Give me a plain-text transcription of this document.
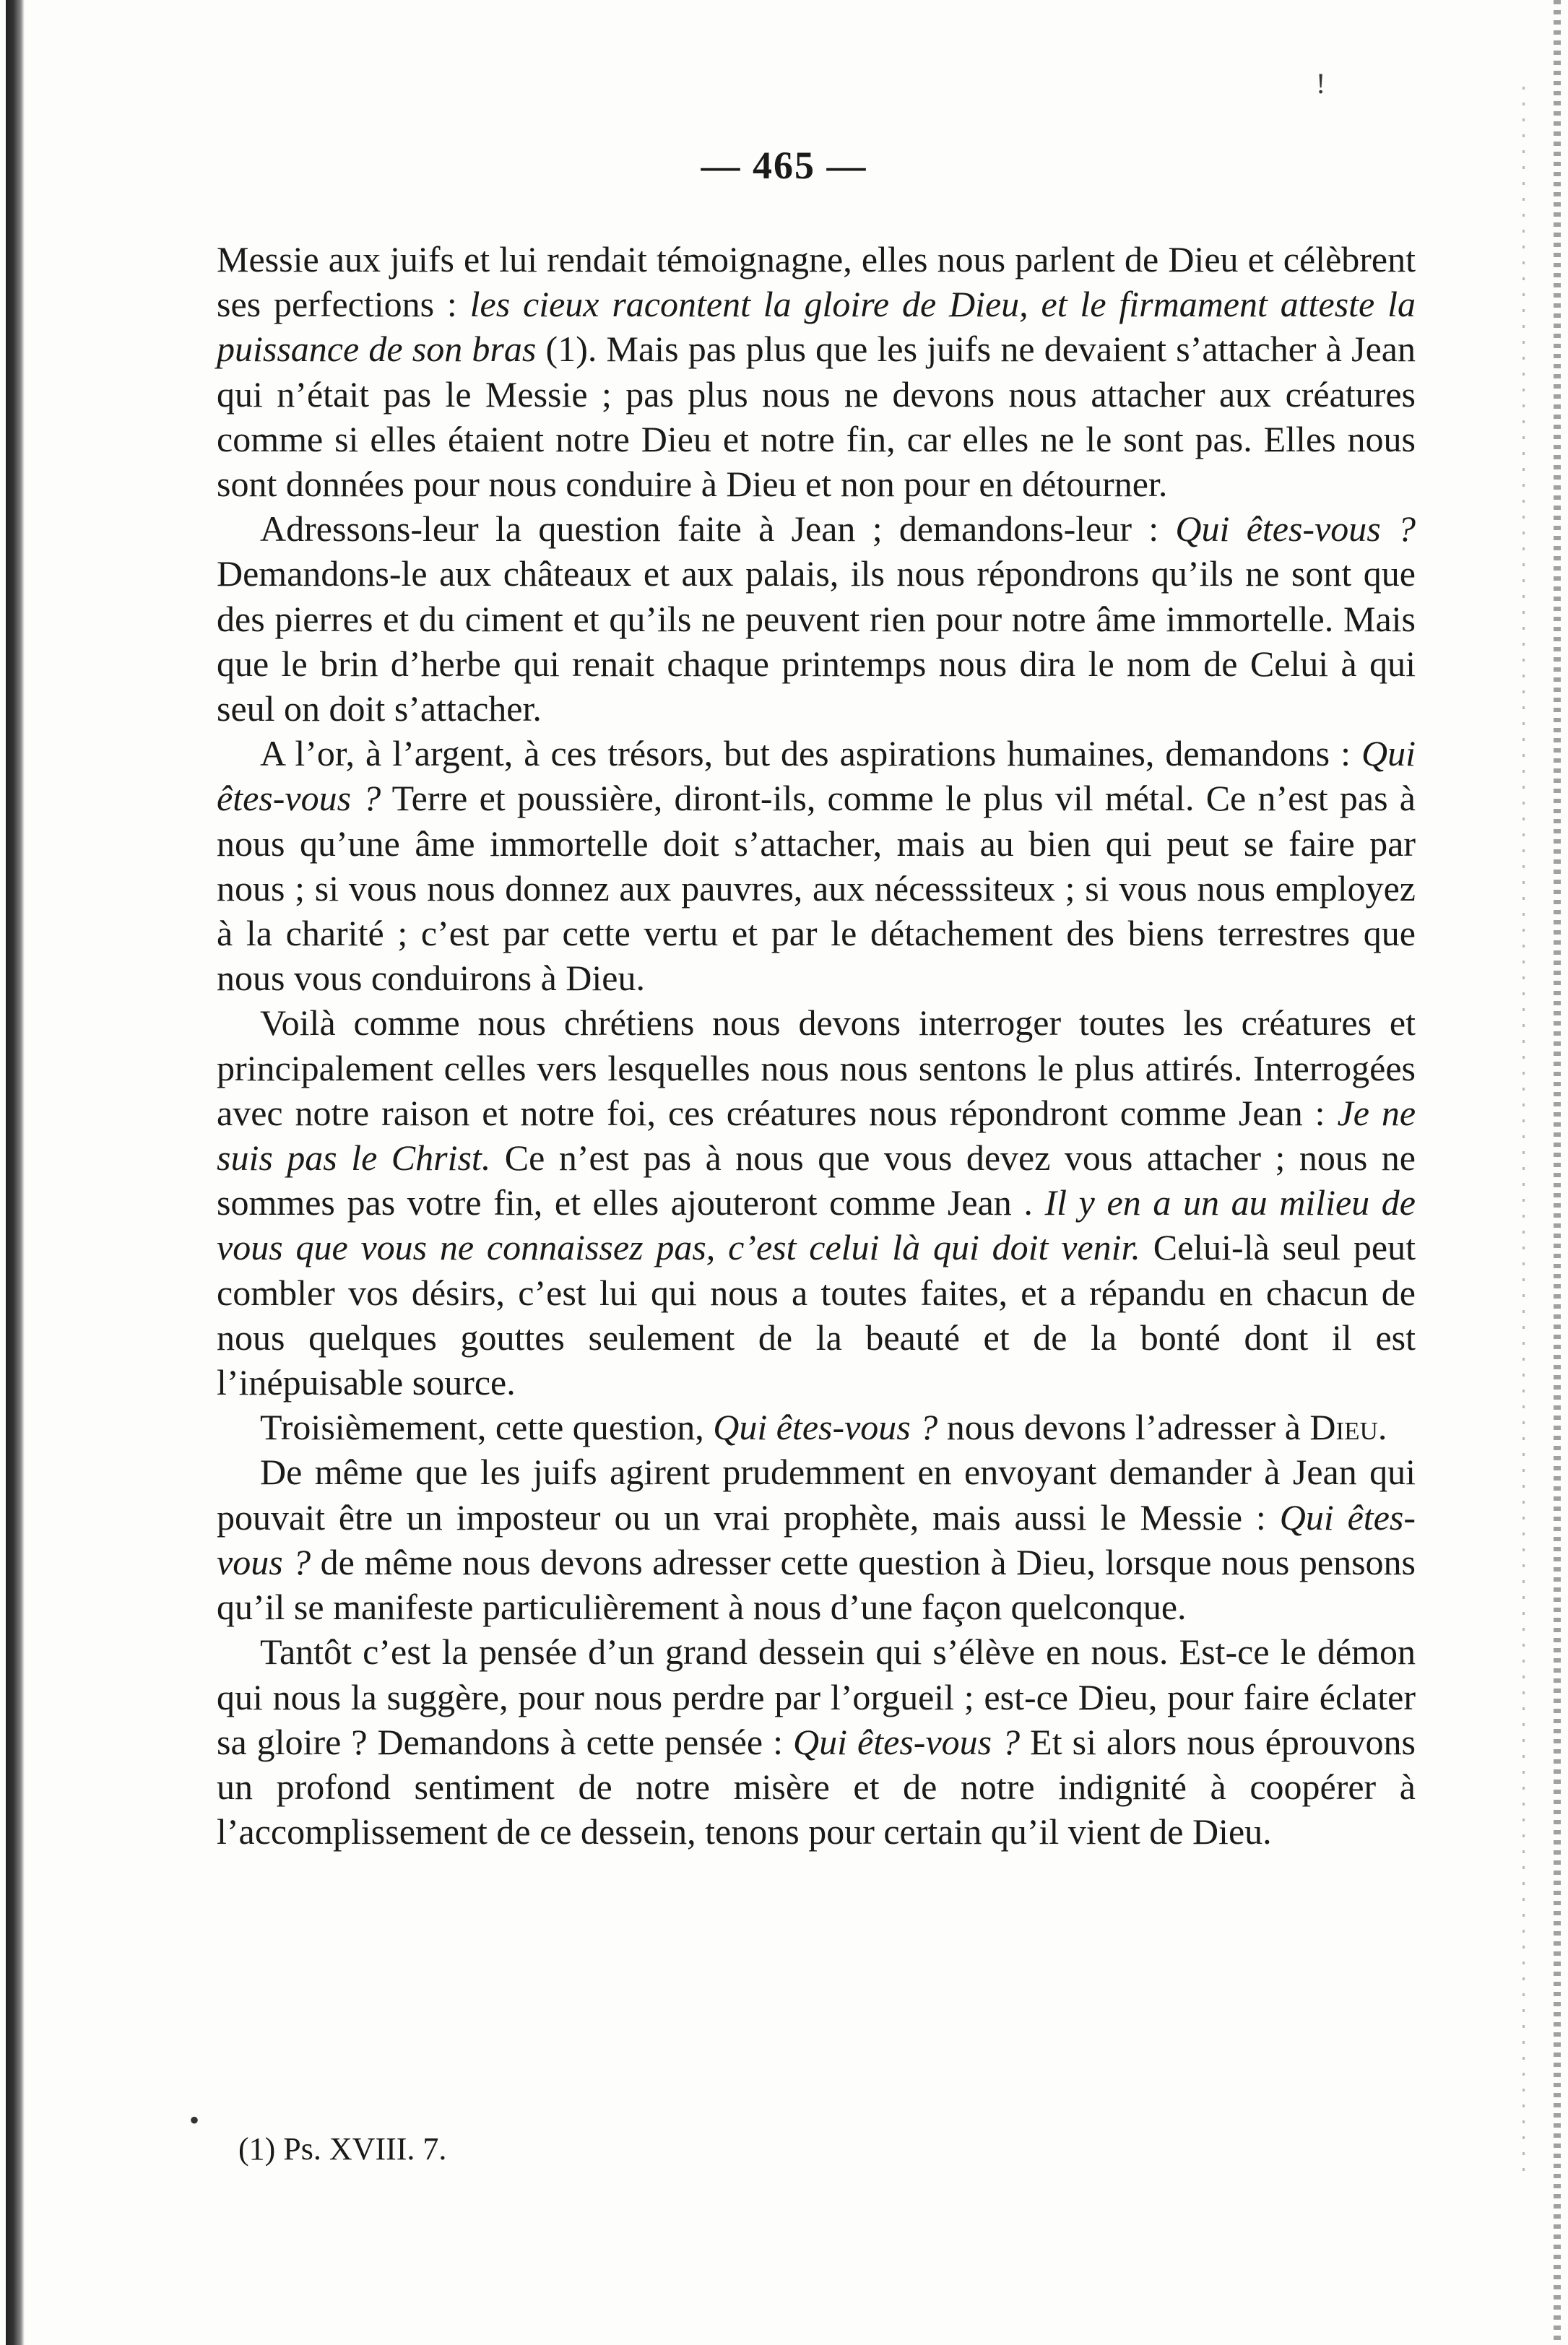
!
•
— 465 —

Messie aux juifs et lui rendait témoignagne, elles nous parlent de Dieu et célèbrent ses perfections : les cieux racontent la gloire de Dieu, et le firmament atteste la puissance de son bras (1). Mais pas plus que les juifs ne devaient s’attacher à Jean qui n’était pas le Messie ; pas plus nous ne devons nous attacher aux créatures comme si elles étaient notre Dieu et notre fin, car elles ne le sont pas. Elles nous sont données pour nous conduire à Dieu et non pour en détourner.

Adressons-leur la question faite à Jean ; demandons-leur : Qui êtes-vous ? Demandons-le aux châteaux et aux palais, ils nous répondrons qu’ils ne sont que des pierres et du ciment et qu’ils ne peuvent rien pour notre âme immortelle. Mais que le brin d’herbe qui renait chaque printemps nous dira le nom de Celui à qui seul on doit s’attacher.

A l’or, à l’argent, à ces trésors, but des aspirations humaines, demandons : Qui êtes-vous ? Terre et poussière, diront-ils, comme le plus vil métal. Ce n’est pas à nous qu’une âme immortelle doit s’attacher, mais au bien qui peut se faire par nous ; si vous nous donnez aux pauvres, aux nécesssiteux ; si vous nous employez à la charité ; c’est par cette vertu et par le détachement des biens terrestres que nous vous conduirons à Dieu.

Voilà comme nous chrétiens nous devons interroger toutes les créatures et principalement celles vers lesquelles nous nous sentons le plus attirés. Interrogées avec notre raison et notre foi, ces créatures nous répondront comme Jean : Je ne suis pas le Christ. Ce n’est pas à nous que vous devez vous attacher ; nous ne sommes pas votre fin, et elles ajouteront comme Jean . Il y en a un au milieu de vous que vous ne connaissez pas, c’est celui là qui doit venir. Celui-là seul peut combler vos désirs, c’est lui qui nous a toutes faites, et a répandu en chacun de nous quelques gouttes seulement de la beauté et de la bonté dont il est l’inépuisable source.

Troisièmement, cette question, Qui êtes-vous ? nous devons l’adresser à Dieu.

De même que les juifs agirent prudemment en envoyant demander à Jean qui pouvait être un imposteur ou un vrai prophète, mais aussi le Messie : Qui êtes-vous ? de même nous devons adresser cette question à Dieu, lorsque nous pensons qu’il se manifeste particulièrement à nous d’une façon quelconque.

Tantôt c’est la pensée d’un grand dessein qui s’élève en nous. Est-ce le démon qui nous la suggère, pour nous perdre par l’orgueil ; est-ce Dieu, pour faire éclater sa gloire ? Demandons à cette pensée : Qui êtes-vous ? Et si alors nous éprouvons un profond sentiment de notre misère et de notre indignité à coopérer à l’accomplissement de ce dessein, tenons pour certain qu’il vient de Dieu.

(1) Ps. XVIII. 7.
